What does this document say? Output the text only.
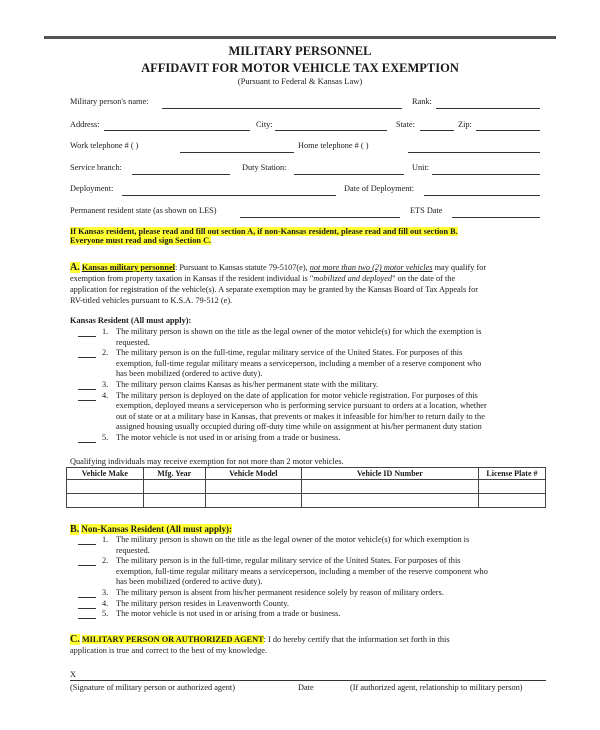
MILITARY PERSONNEL
AFFIDAVIT FOR MOTOR VEHICLE TAX EXEMPTION
(Pursuant to Federal & Kansas Law)
Military person's name:	Rank:
Address:	City:	State:	Zip:
Work telephone # ( )	Home telephone # ( )
Service branch:	Duty Station:	Unit:
Deployment:	Date of Deployment:
Permanent resident state (as shown on LES)	ETS Date
If Kansas resident, please read and fill out section A, if non-Kansas resident, please read and fill out section B.
Everyone must read and sign Section C.
A. Kansas military personnel: Pursuant to Kansas statute 79-5107(e), not more than two (2) motor vehicles may qualify for
exemption from property taxation in Kansas if the resident individual is "mobilized and deployed" on the date of the
application for registration of the vehicle(s). A separate exemption may be granted by the Kansas Board of Tax Appeals for
RV-titled vehicles pursuant to K.S.A. 79-512 (e).
Kansas Resident (All must apply):
1. The military person is shown on the title as the legal owner of the motor vehicle(s) for which the exemption is
requested.
2. The military person is on the full-time, regular military service of the United States. For purposes of this
exemption, full-time regular military means a serviceperson, including a member of a reserve component who
has been mobilized (ordered to active duty).
3. The military person claims Kansas as his/her permanent state with the military.
4. The military person is deployed on the date of application for motor vehicle registration. For purposes of this
exemption, deployed means a serviceperson who is performing service pursuant to orders at a location, whether
out of state or at a military base in Kansas, that prevents or makes it infeasible for him/her to return daily to the
assigned housing usually occupied during off-duty time while on assignment at his/her permanent duty station
5. The motor vehicle is not used in or arising from a trade or business.
Qualifying individuals may receive exemption for not more than 2 motor vehicles.
Vehicle Make	Mfg. Year	Vehicle Model	Vehicle ID Number	License Plate #

B. Non-Kansas Resident (All must apply):
1. The military person is shown on the title as the legal owner of the motor vehicle(s) for which exemption is
requested.
2. The military person is in the full-time, regular military service of the United States. For purposes of this
exemption, full-time regular military means a serviceperson, including a member of the reserve component who
has been mobilized (ordered to active duty).
3. The military person is absent from his/her permanent residence solely by reason of military orders.
4. The military person resides in Leavenworth County.
5. The motor vehicle is not used in or arising from a trade or business.
C. MILITARY PERSON OR AUTHORIZED AGENT: I do hereby certify that the information set forth in this
application is true and correct to the best of my knowledge.
X
(Signature of military person or authorized agent)	Date	(If authorized agent, relationship to military person)
